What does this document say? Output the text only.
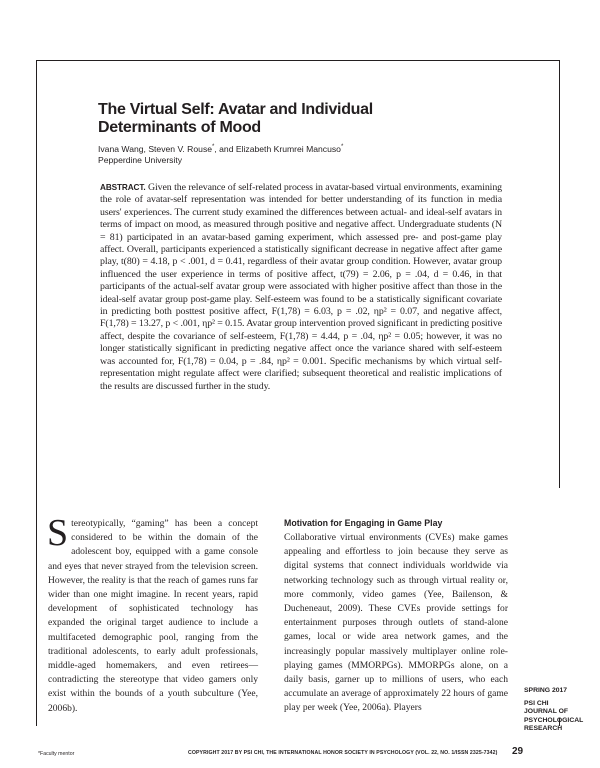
The Virtual Self: Avatar and Individual
Determinants of Mood
Ivana Wang, Steven V. Rouse*, and Elizabeth Krumrei Mancuso*
Pepperdine University

ABSTRACT. Given the relevance of self-related process in avatar-based virtual environments, examining the role of avatar-self representation was intended for better understanding of its function in media users' experiences. The current study examined the differences between actual- and ideal-self avatars in terms of impact on mood, as measured through positive and negative affect. Undergraduate students (N = 81) participated in an avatar-based gaming experiment, which assessed pre- and post-game play affect. Overall, participants experienced a statistically significant decrease in negative affect after game play, t(80) = 4.18, p < .001, d = 0.41, regardless of their avatar group condition. However, avatar group influenced the user experience in terms of positive affect, t(79) = 2.06, p = .04, d = 0.46, in that participants of the actual-self avatar group were associated with higher positive affect than those in the ideal-self avatar group post-game play. Self-esteem was found to be a statistically significant covariate in predicting both posttest positive affect, F(1,78) = 6.03, p = .02, ηp² = 0.07, and negative affect, F(1,78) = 13.27, p < .001, ηp² = 0.15. Avatar group intervention proved significant in predicting positive affect, despite the covariance of self-esteem, F(1,78) = 4.44, p = .04, ηp² = 0.05; however, it was no longer statistically significant in predicting negative affect once the variance shared with self-esteem was accounted for, F(1,78) = 0.04, p = .84, ηp² = 0.001. Specific mechanisms by which virtual self-representation might regulate affect were clarified; subsequent theoretical and realistic implications of the results are discussed further in the study.

Stereotypically, “gaming” has been a concept considered to be within the domain of the adolescent boy, equipped with a game console and eyes that never strayed from the television screen. However, the reality is that the reach of games runs far wider than one might imagine. In recent years, rapid development of sophisticated technology has expanded the original target audience to include a multifaceted demographic pool, ranging from the traditional adolescents, to early adult professionals, middle-aged homemakers, and even retirees—contradicting the stereotype that video gamers only exist within the bounds of a youth subculture (Yee, 2006b).

Motivation for Engaging in Game Play

Collaborative virtual environments (CVEs) make games appealing and effortless to join because they serve as digital systems that connect individuals worldwide via networking technology such as through virtual reality or, more commonly, video games (Yee, Bailenson, & Ducheneaut, 2009). These CVEs provide settings for entertainment purposes through outlets of stand-alone games, local or wide area network games, and the increasingly popular massively multiplayer online role-playing games (MMORPGs). MMORPGs alone, on a daily basis, garner up to millions of users, who each accumulate an average of approximately 22 hours of game play per week (Yee, 2006a). Players

SPRING 2017
PSI CHI
JOURNAL OF
PSYCHOLOGICAL
RESEARCH
*Faculty mentor	COPYRIGHT 2017 BY PSI CHI, THE INTERNATIONAL HONOR SOCIETY IN PSYCHOLOGY (VOL. 22, NO. 1/ISSN 2325-7342) 29
